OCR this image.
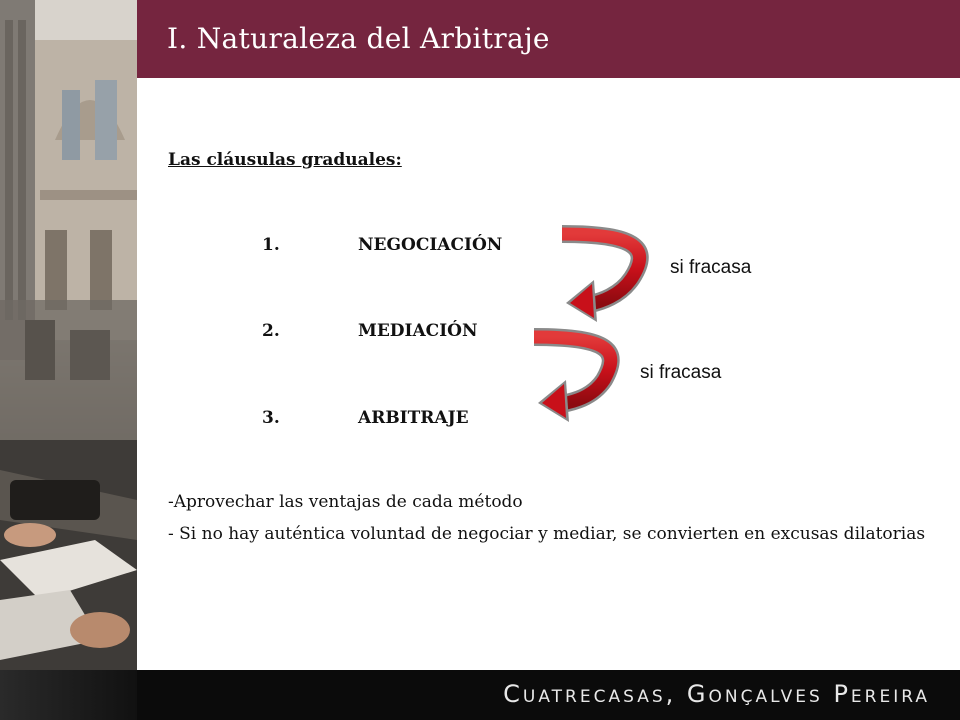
I. Naturaleza del Arbitraje
Las cláusulas graduales:
1.	NEGOCIACIÓN
2.	MEDIACIÓN
3.	ARBITRAJE
si fracasa
si fracasa

-Aprovechar las ventajas de cada método

- Si no hay auténtica voluntad de negociar y mediar, se convierten en excusas dilatorias

Cuatrecasas, Gonçalves Pereira
